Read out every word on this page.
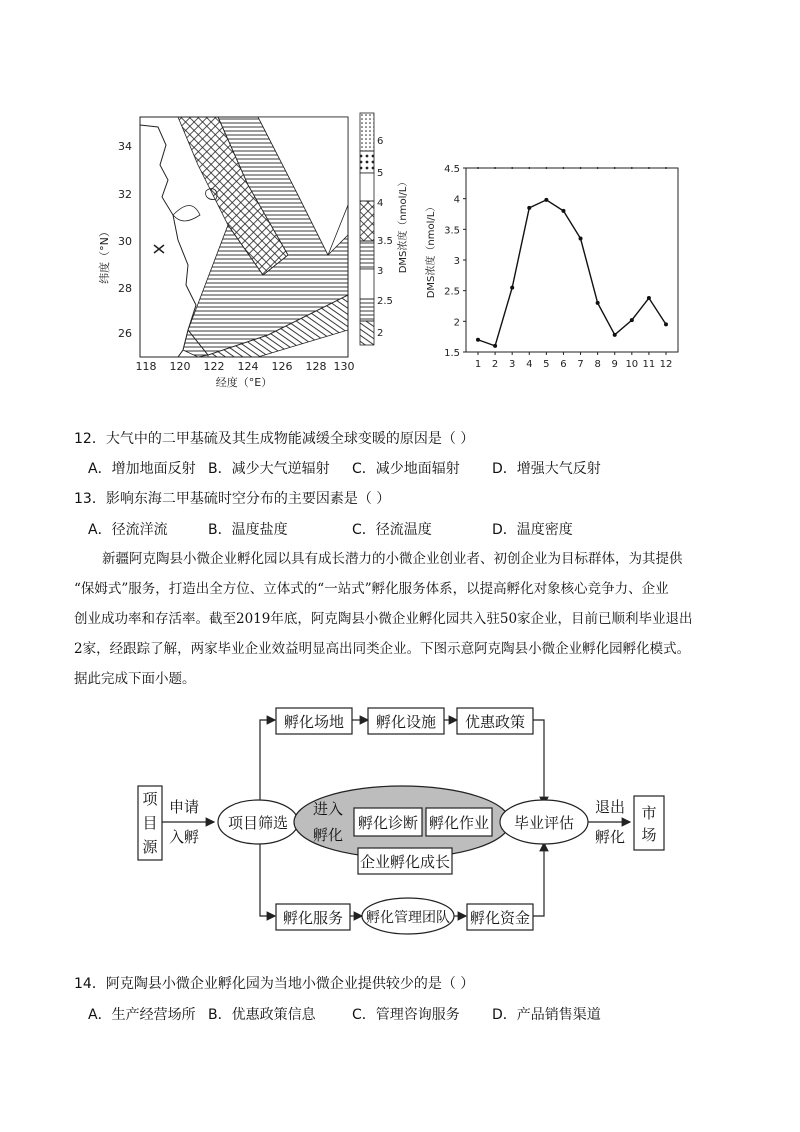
26
28
30
32
34
纬度（°N）
118 120 122 124 126 128 130
经度（°E）
6
5
4
3.5
3
2.5
2
DMS浓度（nmol/L） DMS浓度（nmol/L）
1.5
2
2.5
3
3.5
4
4.5
1 2 3 4 5 6 7 8 9 10 11 12
12．大气中的二甲基硫及其生成物能减缓全球变暖的原因是（ ）
A．增加地面反射 B．减少大气逆辐射 C．减少地面辐射 D．增强大气反射
13．影响东海二甲基硫时空分布的主要因素是（ ）
A．径流洋流	B．温度盐度	C．径流温度	D．温度密度

新疆阿克陶县小微企业孵化园以具有成长潜力的小微企业创业者、初创企业为目标群体，为其提供

“保姆式”服务，打造出全方位、立体式的“一站式”孵化服务体系，以提高孵化对象核心竞争力、企业

创业成功率和存活率。截至2019年底，阿克陶县小微企业孵化园共入驻50家企业，目前已顺利毕业退出

2家，经跟踪了解，两家毕业企业效益明显高出同类企业。下图示意阿克陶县小微企业孵化园孵化模式。

据此完成下面小题。

项目源
申请
入孵
项目筛选
进入
孵化
孵化诊断 孵化作业
企业孵化成长
毕业评估
退出
孵化
市场
孵化场地 孵化设施 优惠政策
孵化服务 孵化管理团队 孵化资金
14．阿克陶县小微企业孵化园为当地小微企业提供较少的是（ ）
A．生产经营场所 B．优惠政策信息	C．管理咨询服务 D．产品销售渠道
